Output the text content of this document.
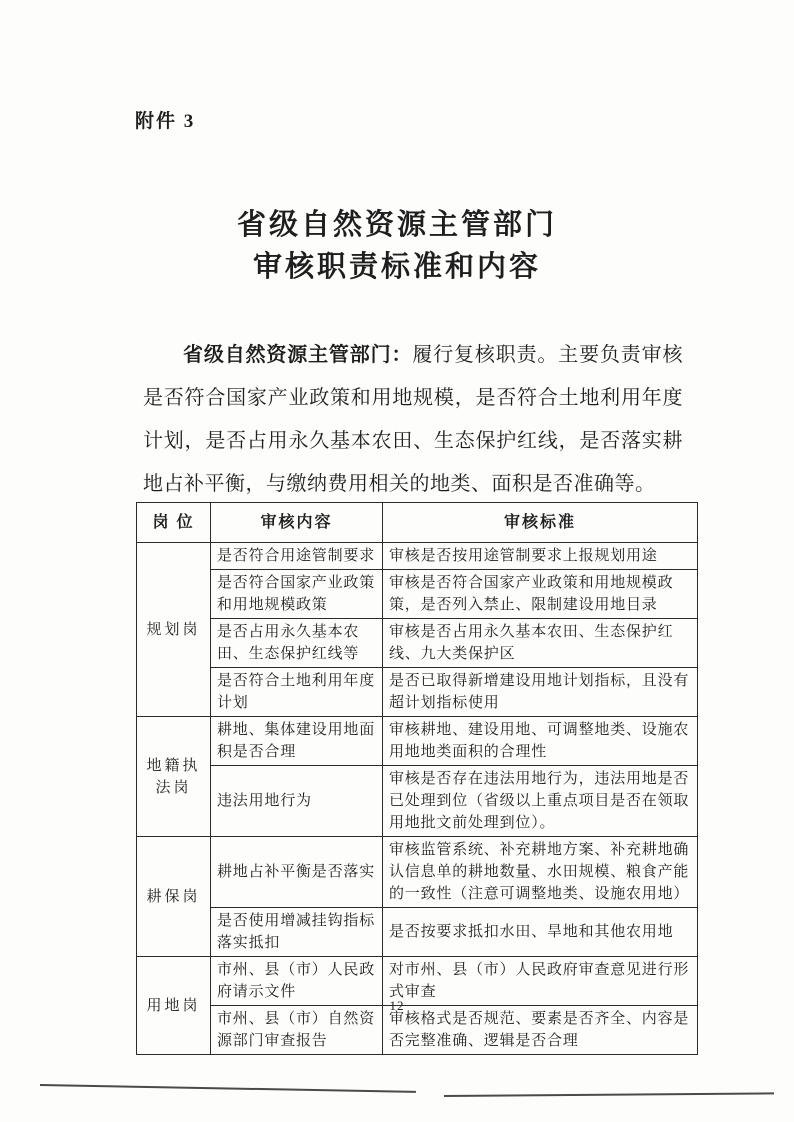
附件 3
省级自然资源主管部门
审核职责标准和内容

省级自然资源主管部门：履行复核职责。主要负责审核是否符合国家产业政策和用地规模，是否符合土地利用年度计划，是否占用永久基本农田、生态保护红线，是否落实耕地占补平衡，与缴纳费用相关的地类、面积是否准确等。

岗 位	审核内容	审核标准
规划岗	是否符合用途管制要求	审核是否按用途管制要求上报规划用途
	是否符合国家产业政策和用地规模政策	审核是否符合国家产业政策和用地规模政策，是否列入禁止、限制建设用地目录
	是否占用永久基本农田、生态保护红线等	审核是否占用永久基本农田、生态保护红线、九大类保护区
	是否符合土地利用年度计划	是否已取得新增建设用地计划指标，且没有超计划指标使用
地籍执法岗	耕地、集体建设用地面积是否合理	审核耕地、建设用地、可调整地类、设施农用地地类面积的合理性
	违法用地行为	审核是否存在违法用地行为，违法用地是否已处理到位（省级以上重点项目是否在领取用地批文前处理到位）。
耕保岗	耕地占补平衡是否落实	审核监管系统、补充耕地方案、补充耕地确认信息单的耕地数量、水田规模、粮食产能的一致性（注意可调整地类、设施农用地）
	是否使用增减挂钩指标落实抵扣	是否按要求抵扣水田、旱地和其他农用地
用地岗	市州、县（市）人民政府请示文件	对市州、县（市）人民政府审查意见进行形式审查
	市州、县（市）自然资源部门审查报告	审核格式是否规范、要素是否齐全、内容是否完整准确、逻辑是否合理
12
